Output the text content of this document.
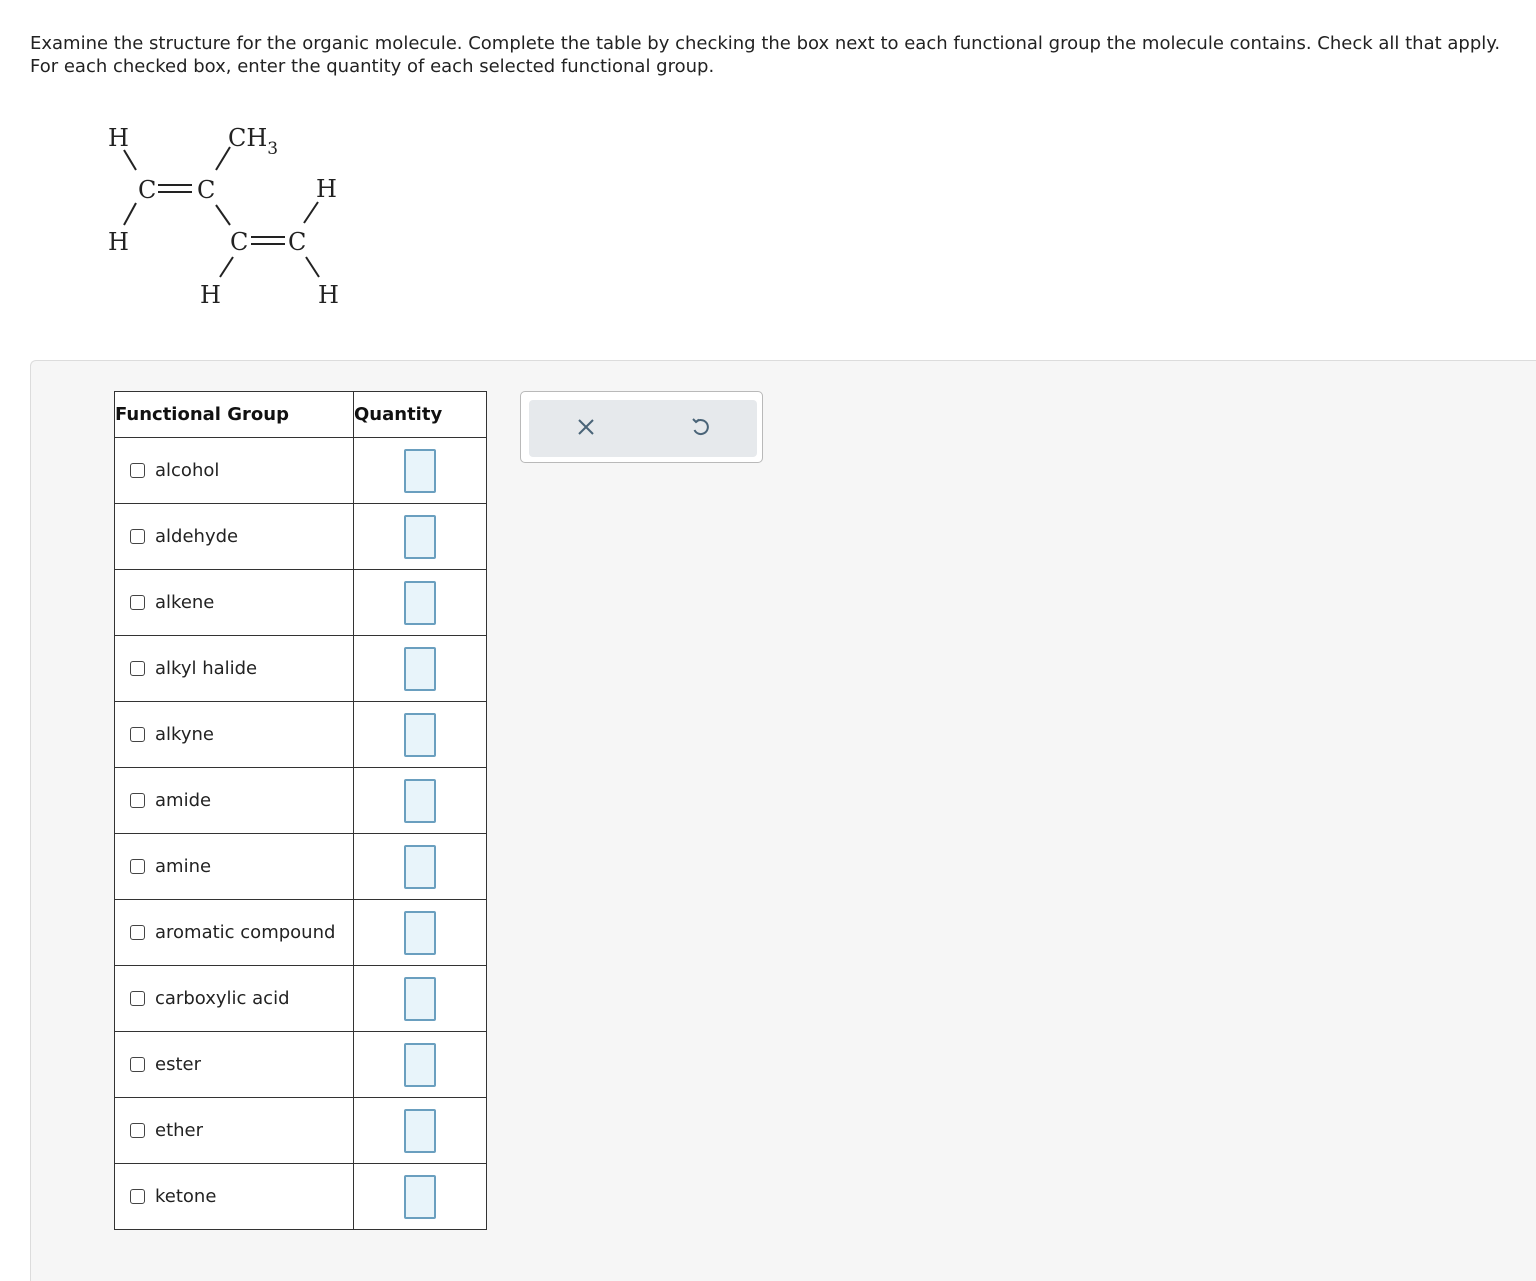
Examine the structure for the organic molecule. Complete the table by checking the box next to each functional group the molecule contains. Check all that apply. For each checked box, enter the quantity of each selected functional group.
H	$CH_3$
C C
H
H
C C
H	H
Functional Group	Quantity

alcohol	

aldehyde	

alkene	

alkyl halide	

alkyne	

amide	

amine	

aromatic compound	

carboxylic acid	

ester	

ether	

ketone	
